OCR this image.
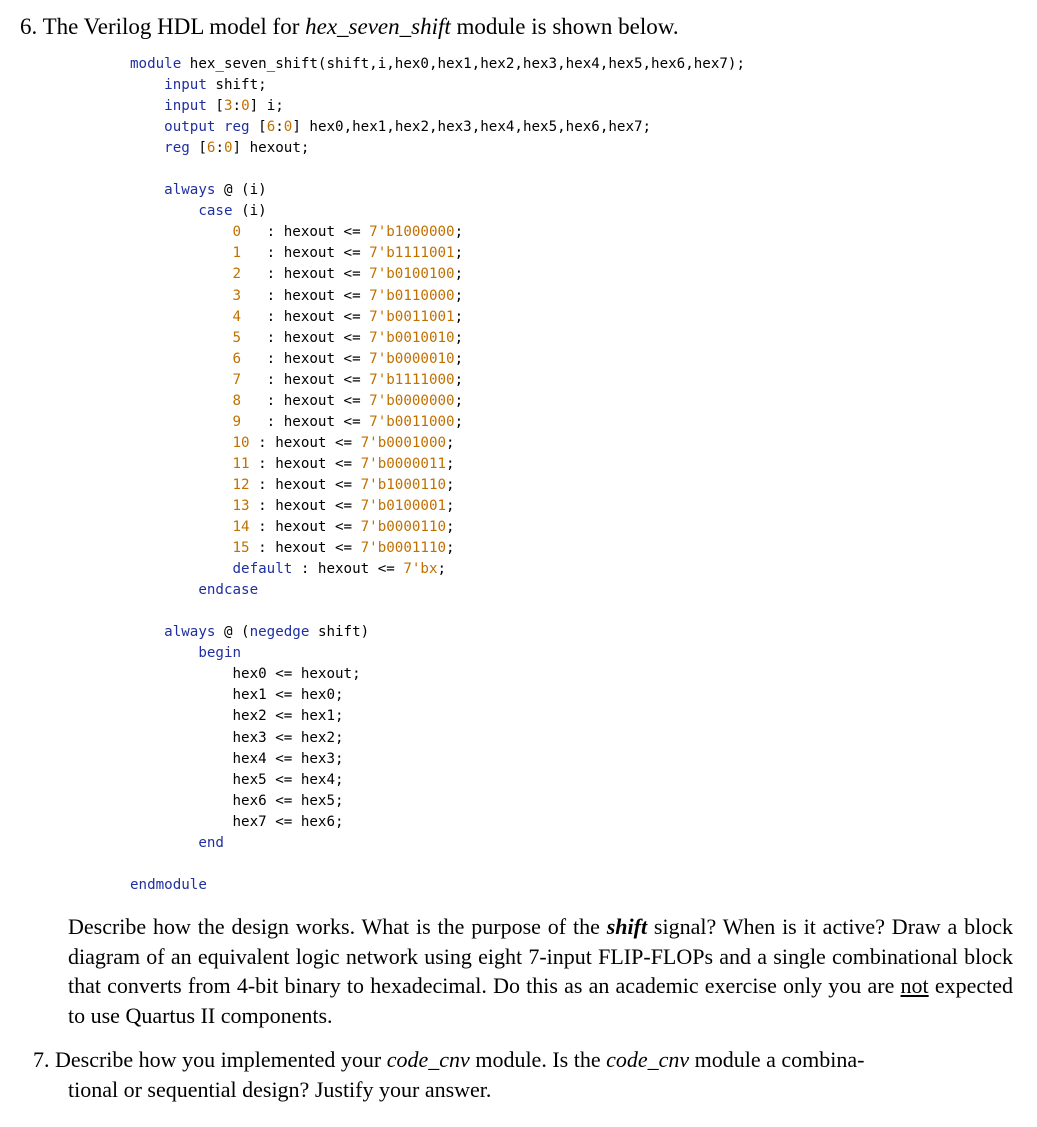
6. The Verilog HDL model for hex_seven_shift module is shown below.
module hex_seven_shift(shift,i,hex0,hex1,hex2,hex3,hex4,hex5,hex6,hex7);
input shift;
input [3:0] i;
output reg [6:0] hex0,hex1,hex2,hex3,hex4,hex5,hex6,hex7;
reg [6:0] hexout;
always @ (i)
case (i)
0   : hexout <= 7'b1000000;
1   : hexout <= 7'b1111001;
2   : hexout <= 7'b0100100;
3   : hexout <= 7'b0110000;
4   : hexout <= 7'b0011001;
5   : hexout <= 7'b0010010;
6   : hexout <= 7'b0000010;
7   : hexout <= 7'b1111000;
8   : hexout <= 7'b0000000;
9   : hexout <= 7'b0011000;
10 : hexout <= 7'b0001000;
11 : hexout <= 7'b0000011;
12 : hexout <= 7'b1000110;
13 : hexout <= 7'b0100001;
14 : hexout <= 7'b0000110;
15 : hexout <= 7'b0001110;
default : hexout <= 7'bx;
endcase
always @ (negedge shift)
begin
hex0 <= hexout;
hex1 <= hex0;
hex2 <= hex1;
hex3 <= hex2;
hex4 <= hex3;
hex5 <= hex4;
hex6 <= hex5;
hex7 <= hex6;
end
endmodule
Describe how the design works. What is the purpose of the shift signal? When is it active? Draw a block diagram of an equivalent logic network using eight 7-input FLIP-FLOPs and a single combinational block that converts from 4-bit binary to hexadecimal. Do this as an academic exercise only you are not expected to use Quartus II components.
7. Describe how you implemented your code_cnv module. Is the code_cnv module a combina-
tional or sequential design? Justify your answer.
